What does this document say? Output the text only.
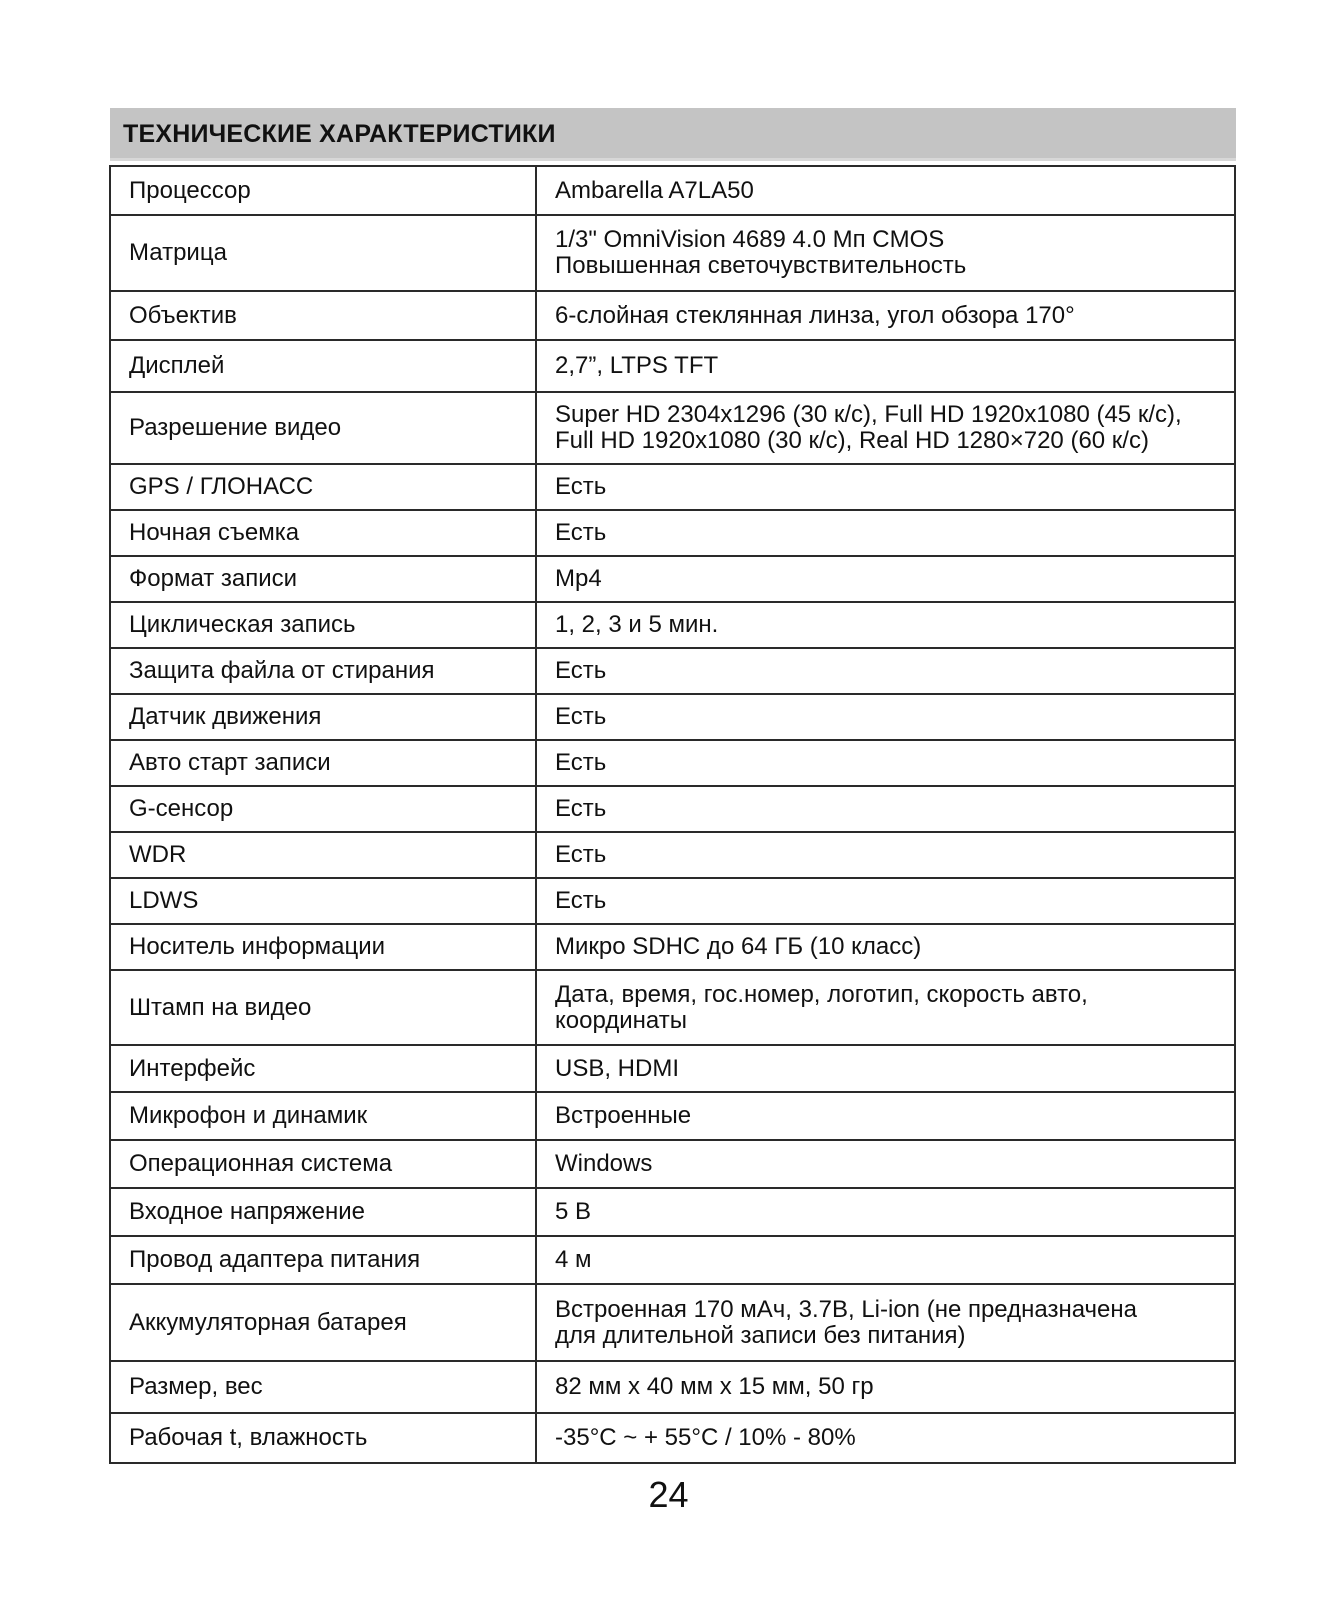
ТЕХНИЧЕСКИЕ ХАРАКТЕРИСТИКИ
Процессор	Ambarella A7LA50
Матрица	1/3" OmniVision 4689 4.0 Мп CMOS
Повышенная светочувствительность
Объектив	6-слойная стеклянная линза, угол обзора 170°
Дисплей	2,7”, LTPS TFT
Разрешение видео	Super HD 2304x1296 (30 к/с), Full HD 1920x1080 (45 к/с),
Full HD 1920x1080 (30 к/с), Real HD 1280×720 (60 к/с)
GPS / ГЛОНАСС	Есть
Ночная съемка	Есть
Формат записи	Mp4
Циклическая запись	1, 2, 3 и 5 мин.
Защита файла от стирания	Есть
Датчик движения	Есть
Авто старт записи	Есть
G-сенсор	Есть
WDR	Есть
LDWS	Есть
Носитель информации	Микро SDHC до 64 ГБ (10 класс)
Штамп на видео	Дата, время, гос.номер, логотип, скорость авто,
координаты
Интерфейс	USB, HDMI
Микрофон и динамик	Встроенные
Операционная система	Windows
Входное напряжение	5 В
Провод адаптера питания	4 м
Аккумуляторная батарея	Встроенная 170 мАч, 3.7В, Li-ion (не предназначена
для длительной записи без питания)
Размер, вес	82 мм х 40 мм х 15 мм, 50 гр
Рабочая t, влажность	-35°С ~ + 55°С / 10% - 80%
24
